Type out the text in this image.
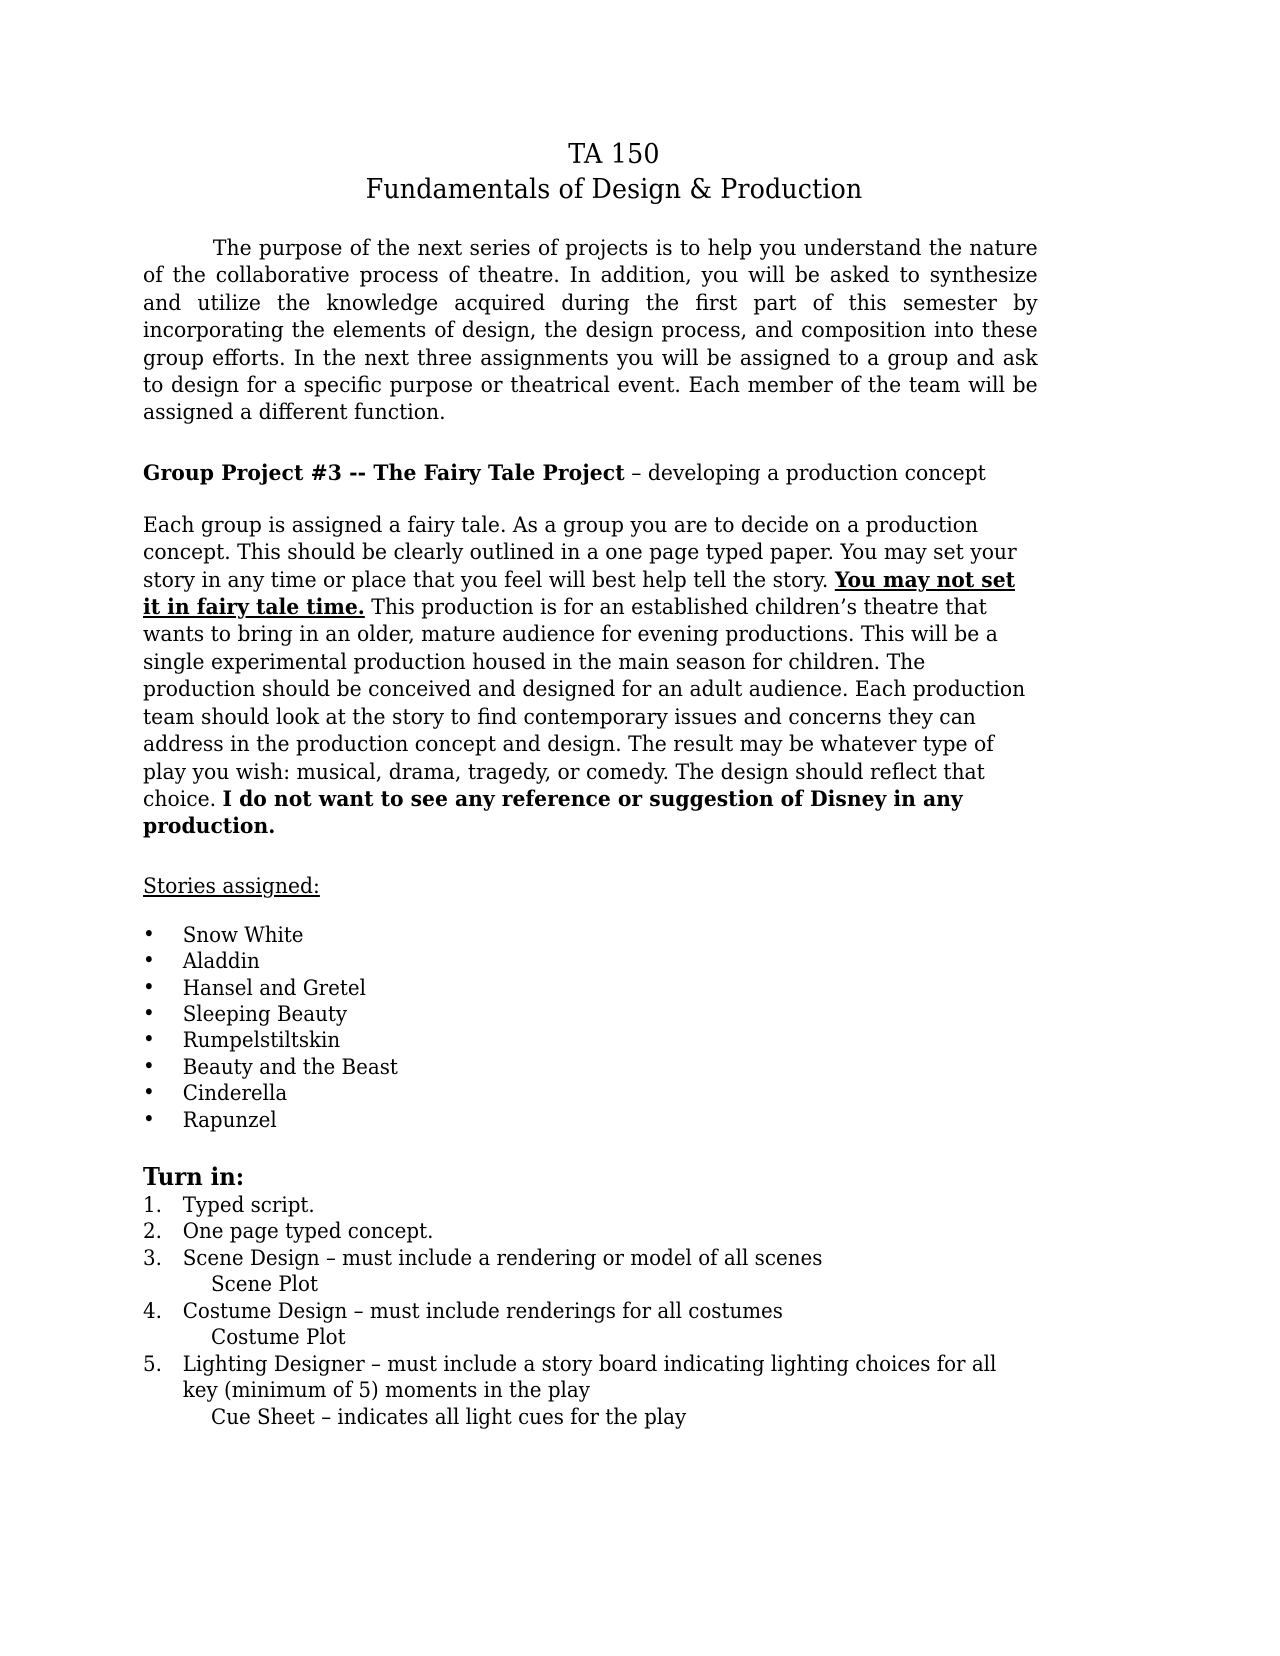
TA 150
Fundamentals of Design & Production

The purpose of the next series of projects is to help you understand the nature of the collaborative process of theatre. In addition, you will be asked to synthesize and utilize the knowledge acquired during the first part of this semester by incorporating the elements of design, the design process, and composition into these group efforts. In the next three assignments you will be assigned to a group and ask to design for a specific purpose or theatrical event. Each member of the team will be assigned a different function.

Group Project #3 -- The Fairy Tale Project – developing a production concept

Each group is assigned a fairy tale. As a group you are to decide on a production concept. This should be clearly outlined in a one page typed paper. You may set your story in any time or place that you feel will best help tell the story. You may not set it in fairy tale time. This production is for an established children’s theatre that wants to bring in an older, mature audience for evening productions. This will be a single experimental production housed in the main season for children. The production should be conceived and designed for an adult audience. Each production team should look at the story to find contemporary issues and concerns they can address in the production concept and design. The result may be whatever type of play you wish: musical, drama, tragedy, or comedy. The design should reflect that choice. I do not want to see any reference or suggestion of Disney in any production.

Stories assigned:
• Snow White
• Aladdin
• Hansel and Gretel
• Sleeping Beauty
• Rumpelstiltskin
• Beauty and the Beast
• Cinderella
• Rapunzel
Turn in:
1. Typed script.
2. One page typed concept.
3. Scene Design – must include a rendering or model of all scenes
Scene Plot
4. Costume Design – must include renderings for all costumes
Costume Plot
5. Lighting Designer – must include a story board indicating lighting choices for all key (minimum of 5) moments in the play
Cue Sheet – indicates all light cues for the play
